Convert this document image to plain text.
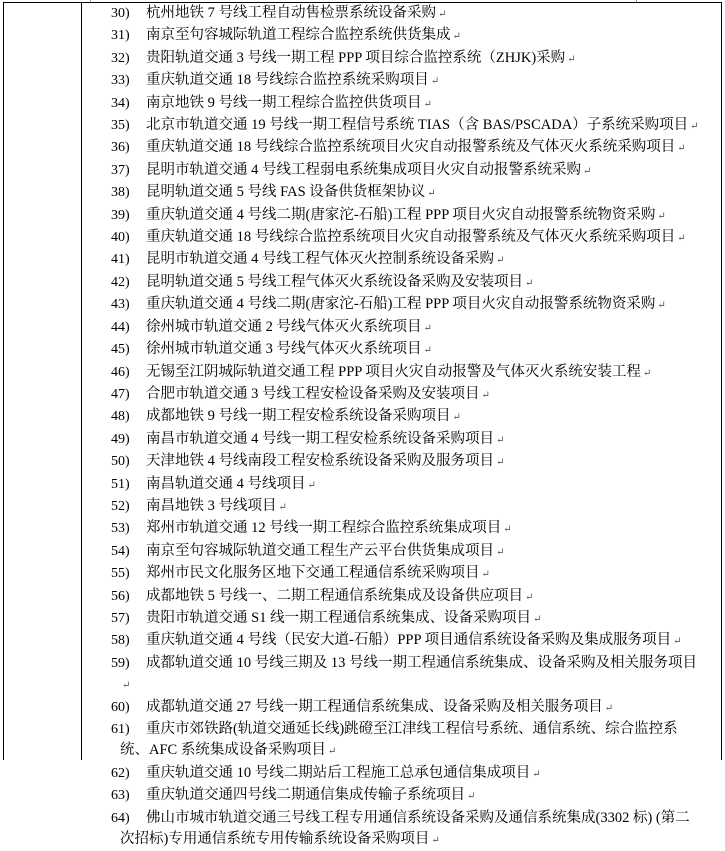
30) 杭州地铁 7 号线工程自动售检票系统设备采购 ↵
31) 南京至句容城际轨道工程综合监控系统供货集成 ↵
32) 贵阳轨道交通 3 号线一期工程 PPP 项目综合监控系统（ZHJK)采购 ↵
33) 重庆轨道交通 18 号线综合监控系统采购项目 ↵
34) 南京地铁 9 号线一期工程综合监控供货项目 ↵
35) 北京市轨道交通 19 号线一期工程信号系统 TIAS（含 BAS/PSCADA）子系统采购项目 ↵
36) 重庆轨道交通 18 号线综合监控系统项目火灾自动报警系统及气体灭火系统采购项目 ↵
37) 昆明市轨道交通 4 号线工程弱电系统集成项目火灾自动报警系统采购 ↵
38) 昆明轨道交通 5 号线 FAS 设备供货框架协议 ↵
39) 重庆轨道交通 4 号线二期(唐家沱-石船)工程 PPP 项目火灾自动报警系统物资采购 ↵
40) 重庆轨道交通 18 号线综合监控系统项目火灾自动报警系统及气体灭火系统采购项目 ↵
41) 昆明市轨道交通 4 号线工程气体灭火控制系统设备采购 ↵
42) 昆明轨道交通 5 号线工程气体灭火系统设备采购及安装项目 ↵
43) 重庆轨道交通 4 号线二期(唐家沱-石船)工程 PPP 项目火灾自动报警系统物资采购 ↵
44) 徐州城市轨道交通 2 号线气体灭火系统项目 ↵
45) 徐州城市轨道交通 3 号线气体灭火系统项目 ↵
46) 无锡至江阴城际轨道交通工程 PPP 项目火灾自动报警及气体灭火系统安装工程 ↵
47) 合肥市轨道交通 3 号线工程安检设备采购及安装项目 ↵
48) 成都地铁 9 号线一期工程安检系统设备采购项目 ↵
49) 南昌市轨道交通 4 号线一期工程安检系统设备采购项目 ↵
50) 天津地铁 4 号线南段工程安检系统设备采购及服务项目 ↵
51) 南昌轨道交通 4 号线项目 ↵
52) 南昌地铁 3 号线项目 ↵
53) 郑州市轨道交通 12 号线一期工程综合监控系统集成项目 ↵
54) 南京至句容城际轨道交通工程生产云平台供货集成项目 ↵
55) 郑州市民文化服务区地下交通工程通信系统采购项目 ↵
56) 成都地铁 5 号线一、二期工程通信系统集成及设备供应项目 ↵
57) 贵阳市轨道交通 S1 线一期工程通信系统集成、设备采购项目 ↵
58) 重庆轨道交通 4 号线（民安大道-石船）PPP 项目通信系统设备采购及集成服务项目 ↵
59) 成都轨道交通 10 号线三期及 13 号线一期工程通信系统集成、设备采购及相关服务项目↵
60) 成都轨道交通 27 号线一期工程通信系统集成、设备采购及相关服务项目 ↵
61) 重庆市郊铁路(轨道交通延长线)跳磴至江津线工程信号系统、通信系统、综合监控系统、AFC 系统集成设备采购项目 ↵
62) 重庆轨道交通 10 号线二期站后工程施工总承包通信集成项目 ↵
63) 重庆轨道交通四号线二期通信集成传输子系统项目 ↵
64) 佛山市城市轨道交通三号线工程专用通信系统设备采购及通信系统集成(3302 标) (第二次招标)专用通信系统专用传输系统设备采购项目 ↵
